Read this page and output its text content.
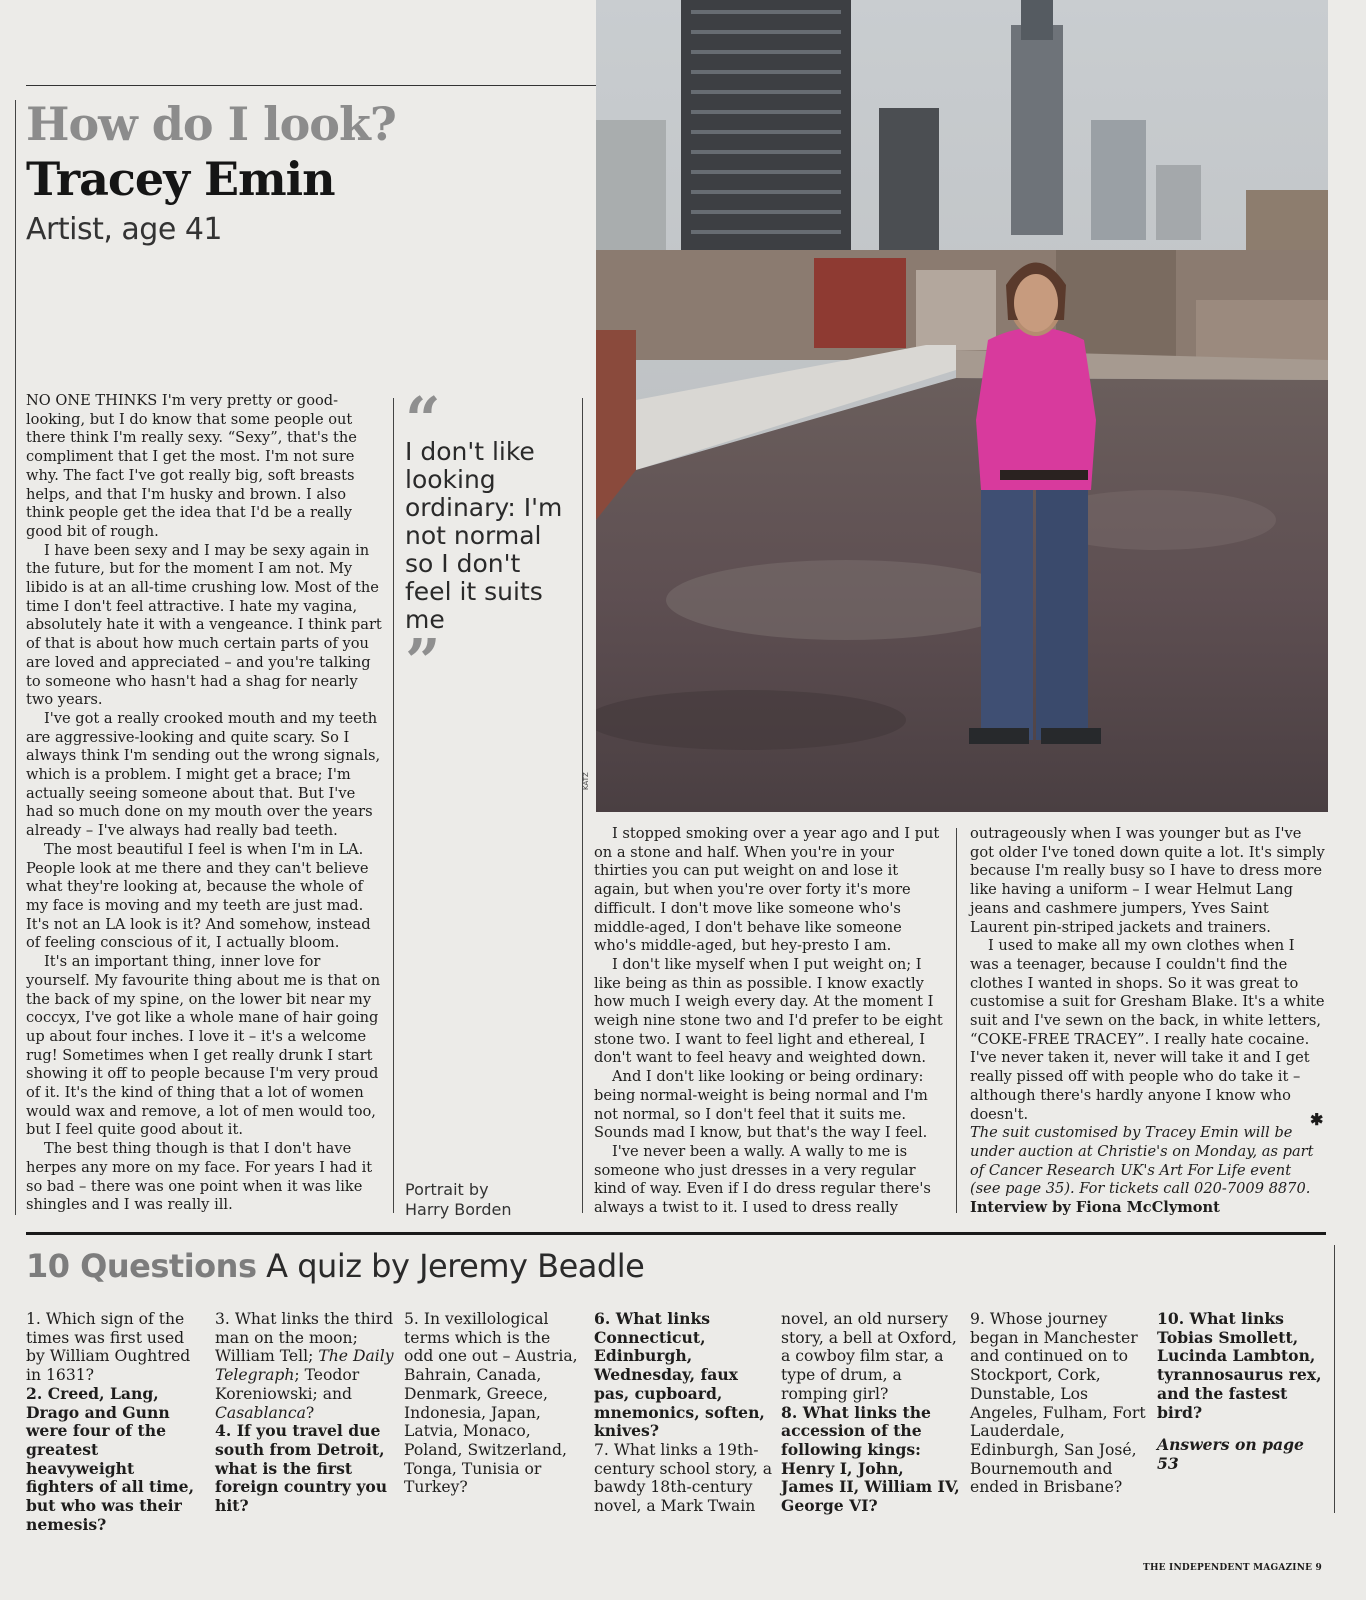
How do I look?
Tracey Emin
Artist, age 41

NO ONE THINKS I'm very pretty or good-looking, but I do know that some people out there think I'm really sexy. “Sexy”, that's the compliment that I get the most. I'm not sure why. The fact I've got really big, soft breasts helps, and that I'm husky and brown. I also think people get the idea that I'd be a really good bit of rough.

I have been sexy and I may be sexy again in the future, but for the moment I am not. My libido is at an all-time crushing low. Most of the time I don't feel attractive. I hate my vagina, absolutely hate it with a vengeance. I think part of that is about how much certain parts of you are loved and appreciated – and you're talking to someone who hasn't had a shag for nearly two years.

I've got a really crooked mouth and my teeth are aggressive-looking and quite scary. So I always think I'm sending out the wrong signals, which is a problem. I might get a brace; I'm actually seeing someone about that. But I've had so much done on my mouth over the years already – I've always had really bad teeth.

The most beautiful I feel is when I'm in LA. People look at me there and they can't believe what they're looking at, because the whole of my face is moving and my teeth are just mad. It's not an LA look is it? And somehow, instead of feeling conscious of it, I actually bloom.

It's an important thing, inner love for yourself. My favourite thing about me is that on the back of my spine, on the lower bit near my coccyx, I've got like a whole mane of hair going up about four inches. I love it – it's a welcome rug! Sometimes when I get really drunk I start showing it off to people because I'm very proud of it. It's the kind of thing that a lot of women would wax and remove, a lot of men would too, but I feel quite good about it.

The best thing though is that I don't have herpes any more on my face. For years I had it so bad – there was one point when it was like shingles and I was really ill.

“
I don't like looking ordinary: I'm not normal so I don't feel it suits me
”
Portrait by Harry Borden
KATZ

I stopped smoking over a year ago and I put on a stone and half. When you're in your thirties you can put weight on and lose it again, but when you're over forty it's more difficult. I don't move like someone who's middle-aged, I don't behave like someone who's middle-aged, but hey-presto I am.

I don't like myself when I put weight on; I like being as thin as possible. I know exactly how much I weigh every day. At the moment I weigh nine stone two and I'd prefer to be eight stone two. I want to feel light and ethereal, I don't want to feel heavy and weighted down.

And I don't like looking or being ordinary: being normal-weight is being normal and I'm not normal, so I don't feel that it suits me. Sounds mad I know, but that's the way I feel.

I've never been a wally. A wally to me is someone who just dresses in a very regular kind of way. Even if I do dress regular there's always a twist to it. I used to dress really

outrageously when I was younger but as I've got older I've toned down quite a lot. It's simply because I'm really busy so I have to dress more like having a uniform – I wear Helmut Lang jeans and cashmere jumpers, Yves Saint Laurent pin-striped jackets and trainers.

I used to make all my own clothes when I was a teenager, because I couldn't find the clothes I wanted in shops. So it was great to customise a suit for Gresham Blake. It's a white suit and I've sewn on the back, in white letters, “COKE-FREE TRACEY”. I really hate cocaine. I've never taken it, never will take it and I get really pissed off with people who do take it – although there's hardly anyone I know who doesn't.

The suit customised by Tracey Emin will be under auction at Christie's on Monday, as part of Cancer Research UK's Art For Life event (see page 35). For tickets call 020-7009 8870.

Interview by Fiona McClymont

✱
10 Questions A quiz by Jeremy Beadle

1. Which sign of the times was first used by William Oughtred in 1631?

2. Creed, Lang, Drago and Gunn were four of the greatest heavyweight fighters of all time, but who was their nemesis?

3. What links the third man on the moon; William Tell; The Daily Telegraph; Teodor Koreniowski; and Casablanca?

4. If you travel due south from Detroit, what is the first foreign country you hit?

5. In vexillological terms which is the odd one out – Austria, Bahrain, Canada, Denmark, Greece, Indonesia, Japan, Latvia, Monaco, Poland, Switzerland, Tonga, Tunisia or Turkey?

6. What links Connecticut, Edinburgh, Wednesday, faux pas, cupboard, mnemonics, soften, knives?

7. What links a 19th-century school story, a bawdy 18th-century novel, a Mark Twain

novel, an old nursery story, a bell at Oxford, a cowboy film star, a type of drum, a romping girl?

8. What links the accession of the following kings: Henry I, John, James II, William IV, George VI?

9. Whose journey began in Manchester and continued on to Stockport, Cork, Dunstable, Los Angeles, Fulham, Fort Lauderdale, Edinburgh, San José, Bournemouth and ended in Brisbane?

10. What links Tobias Smollett, Lucinda Lambton, tyrannosaurus rex, and the fastest bird?

Answers on page 53

THE INDEPENDENT MAGAZINE 9
